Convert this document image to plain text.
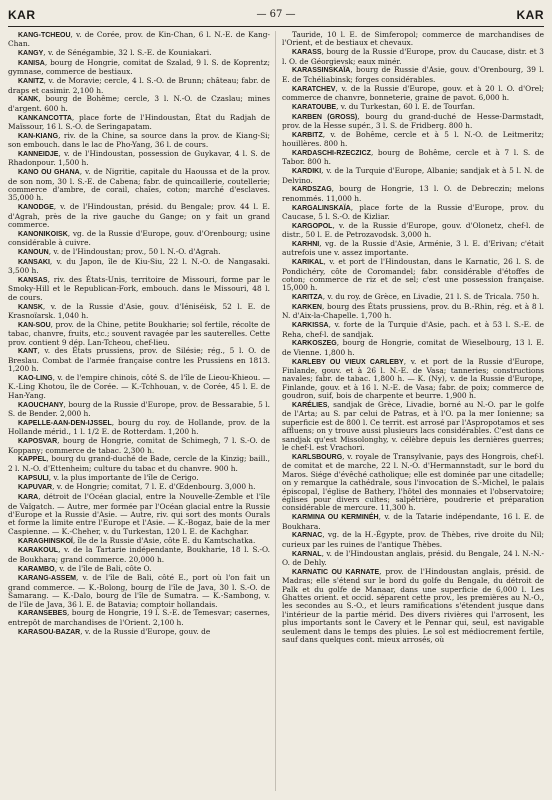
KAR	— 67 —	KAR

KANG-TCHEOU, v. de Corée, prov. de Kin-Chan, 6 l. N.-E. de Kang-Chan.

KANGY, v. de Sénégambie, 32 l. S.-E. de Kouniakari.

KANISA, bourg de Hongrie, comitat de Szalad, 9 l. S. de Koprentz; gymnase, commerce de bestiaux.

KANITZ, v. de Moravie; cercle, 4 l. S.-O. de Brunn; château; fabr. de draps et casimir. 2,100 h.

KANK, bourg de Bohême; cercle, 3 l. N.-O. de Czaslau; mines d'argent. 600 h.

KANKANCOTTA, place forte de l'Hindoustan, État du Radjah de Maïssour, 16 l. S.-O. de Seringapatam.

KAN-KIANG, riv. de la Chine, sa source dans la prov. de Kiang-Si; son embouch. dans le lac de Pho-Yang, 36 l. de cours.

KANNEIDJE, v. de l'Hindoustan, possession de Guykavar, 4 l. S. de Rhadonpour. 1,500 h.

KANO OU GHANA, v. de Nigritie, capitale du Haoussa et de la prov. de son nom, 30 l. S.-E. de Cabena; fabr. de quincaillerie, coutellerie; commerce d'ambre, de corail, chaîes, coton; marché d'esclaves. 35,000 h.

KANODGE, v. de l'Hindoustan, présid. du Bengale; prov. 44 l. E. d'Agrah, près de la rive gauche du Gange; on y fait un grand commerce.

KANONIKOISK, vg. de la Russie d'Europe, gouv. d'Orenbourg; usine considérable à cuivre.

KANOUN, v. de l'Hindoustan; prov., 50 l. N.-O. d'Agrah.

KANSAKI, v. du Japon, île de Kiu-Siu, 22 l. N.-O. de Nangasaki. 3,500 h.

KANSAS, riv. des États-Unis, territoire de Missouri, forme par le Smoky-Hill et le Republican-Fork, embouch. dans le Missouri, 48 l. de cours.

KANSK, v. de la Russie d'Asie, gouv. d'Iéniséisk, 52 l. E. de Krasnoïarsk. 1,040 h.

KAN-SOU, prov. de la Chine, petite Boukharie; sol fertile, récolte de tabac, chanvre, fruits, etc.; souvent ravagée par les sauterelles. Cette prov. contient 9 dép. Lan-Tcheou, chef-lieu.

KANT, v. des États prussiens, prov. de Silésie; rég., 5 l. O. de Breslau. Combat de l'armée française contre les Prussiens en 1813. 1,200 h.

KAO-LING, v. de l'empire chinois, côté S. de l'île de Lieou-Khieou. — K.-Ling Khotou, île de Corée. — K.-Tchhouan, v. de Corée, 45 l. E. de Han-Yang.

KAOUCHANY, bourg de la Russie d'Europe, prov. de Bessarabie, 5 l. S. de Bender. 2,000 h.

KAPELLE-AAN-DEN-IJSSEL, bourg du roy. de Hollande, prov. de la Hollande mérid., 1 l. 1/2 E. de Rotterdam. 1,200 h.

KAPOSVAR, bourg de Hongrie, comitat de Schimegh, 7 l. S.-O. de Koppany; commerce de tabac. 2,300 h.

KAPPEL, bourg du grand-duché de Bade, cercle de la Kinzig; baill., 2 l. N.-O. d'Ettenheim; culture du tabac et du chanvre. 900 h.

KAPSULI, v. la plus importante de l'île de Cerigo.

KAPUVAR, v. de Hongrie; comitat, 7 l. E. d'Œdenbourg. 3,000 h.

KARA, détroit de l'Océan glacial, entre la Nouvelle-Zemble et l'île de Vaïgatch. — Autre, mer formée par l'Océan glacial entre la Russie d'Europe et la Russie d'Asie. — Autre, riv. qui sort des monts Ourals et forme la limite entre l'Europe et l'Asie. — K.-Bogaz, baie de la mer Caspienne. — K.-Cheher, v. du Turkestan, 120 l. E. de Kachghar.

KARAGHINSKOÏ, île de la Russie d'Asie, côte E. du Kamtschatka.

KARAKOUL, v. de la Tartarie indépendante, Boukharie, 18 l. S.-O. de Boukhara; grand commerce. 20,000 h.

KARAMBO, v. de l'île de Bali, côte O.

KARANG-ASSEM, v. de l'île de Bali, côté E., port où l'on fait un grand commerce. — K.-Bolong, bourg de l'île de Java, 30 l. S.-O. de Samarang. — K.-Dalo, bourg de l'île de Sumatra. — K.-Sambong, v. de l'île de Java, 36 l. E. de Batavia; comptoir hollandais.

KARANSEBES, bourg de Hongrie, 19 l. S.-E. de Temesvar; casernes, entrepôt de marchandises de l'Orient. 2,100 h.

KARASOU-BAZAR, v. de la Russie d'Europe, gouv. de

Tauride, 10 l. E. de Simferopol; commerce de marchandises de l'Orient, et de bestiaux et chevaux.

KARASS, bourg de la Russie d'Europe, prov. du Caucase, distr. et 3 l. O. de Géorgievsk; eaux minér.

KARASSINSKAÏA, bourg de Russie d'Asie, gouv. d'Orenbourg, 39 l. E. de Tchéliabinsk; forges considérables.

KARATCHEV, v. de la Russie d'Europe, gouv. et à 20 l. O. d'Orel; commerce de chanvre, bonneterie, graine de pavot. 6,000 h.

KARATOUBE, v. du Turkestan, 60 l. E. de Tourfan.

KARBEN (GROSS), bourg du grand-duché de Hesse-Darmstadt, prov. de la Hesse supér., 3 l. S. de Fridberg. 800 h.

KARBITZ, v. de Bohême, cercle et à 5 l. N.-O. de Leitmeritz; houillères. 800 h.

KARDASCHI-RZECZICZ, bourg de Bohême, cercle et à 7 l. S. de Tabor. 800 h.

KARDIKI, v. de la Turquie d'Europe, Albanie; sandjak et à 5 l. N. de Delvino.

KARDSZAG, bourg de Hongrie, 13 l. O. de Debreczin; melons renommés. 11,000 h.

KARGALINSKAÏA, place forte de la Russie d'Europe, prov. du Caucase, 5 l. S.-O. de Kizliar.

KARGOPOL, v. de la Russie d'Europe, gouv. d'Olonetz, chef-l. de distr., 50 l. E. de Petrozavodsk. 3,000 h.

KARHNI, vg. de la Russie d'Asie, Arménie, 3 l. E. d'Erivan; c'était autrefois une v. assez importante.

KARIKAL, v. et port de l'Hindoustan, dans le Karnatic, 26 l. S. de Pondichéry, côte de Coromandel; fabr. considérable d'étoffes de coton; commerce de riz et de sel; c'est une possession française. 15,000 h.

KARITZA, v. du roy. de Grèce, en Livadie, 21 l. S. de Tricala. 750 h.

KARKEN, bourg des États prussiens, prov. du B.-Rhin, rég. et à 8 l. N. d'Aix-la-Chapelle. 1,700 h.

KARKISSA, v. forte de la Turquie d'Asie, pach. et à 53 l. S.-E. de Reha, chef-l. de sandjak.

KARKOSZEG, bourg de Hongrie, comitat de Wieselbourg, 13 l. E. de Vienne. 1,800 h.

KARLEBY OU VIEUX CARLEBY, v. et port de la Russie d'Europe, Finlande, gouv. et à 26 l. N.-E. de Vasa; tanneries; constructions navales; fabr. de tabac. 1,800 h. — K. (Ny), v. de la Russie d'Europe, Finlande, gouv. et à 16 l. N.-E. de Vasa; fabr. de poix; commerce de goudron, suif, bois de charpente et beurre. 1,900 h.

KARÉLIES, sandjak de Grèce, Livadie, borné au N.-O. par le golfe de l'Arta; au S. par celui de Patras, et à l'O. pa la mer Ionienne; sa superficie est de 800 l. Ce territ. est arrosé par l'Aspropotamos et ses affluens; on y trouve aussi plusieurs lacs considérables. C'est dans ce sandjak qu'est Missolonghy, v. célèbre depuis les dernières guerres; le chef-l. est Vrachori.

KARLSBOURG, v. royale de Transylvanie, pays des Hongrois, chef-l. de comitat et de marche, 22 l. N.-O. d'Hermannstadt, sur le bord du Maros. Siége d'évêché catholique; elle est dominée par une citadelle; on y remarque la cathédrale, sous l'invocation de S.-Michel, le palais épiscopal, l'église de Bathery, l'hôtel des monnaies et l'observatoire; églises pour divers cultes; salpêtrière, poudrerie et préparation considérable de mercure. 11,300 h.

KARMINA OU KERMINÉH, v. de la Tatarie indépendante, 16 l. E. de Boukhara.

KARNAC, vg. de la H.-Égypte, prov. de Thèbes, rive droite du Nil; curieux par les ruines de l'antique Thèbes.

KARNAL, v. de l'Hindoustan anglais, présid. du Bengale, 24 l. N.-N.-O. de Dehly.

KARNATIC OU KARNATE, prov. de l'Hindoustan anglais, présid. de Madras; elle s'étend sur le bord du golfe du Bengale, du détroit de Palk et du golfe de Manaar, dans une superficie de 6,000 l. Les Ghattes orient. et occid. séparent cette prov., les premières au N.-O., les secondes au S.-O., et leurs ramifications s'étendent jusque dans l'intérieur de la partie mérid. Des divers rivières qui l'arrosent, les plus importants sont le Cavery et le Pennar qui, seul, est navigable seulement dans le temps des pluies. Le sol est médiocrement fertile, sauf dans quelques cont. mieux arrosés, où
